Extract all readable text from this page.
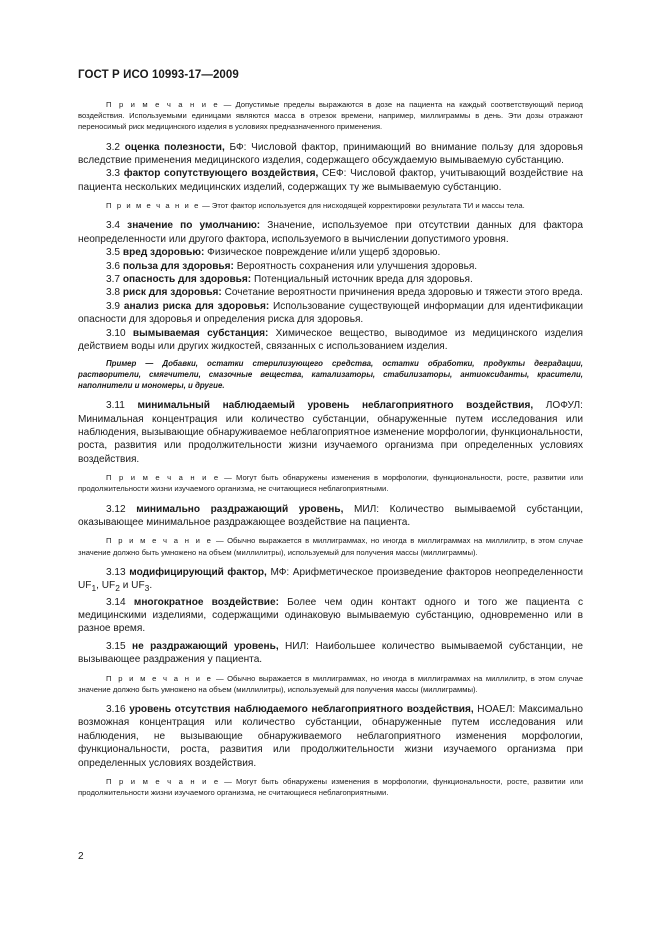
ГОСТ Р ИСО 10993-17—2009

П р и м е ч а н и е — Допустимые пределы выражаются в дозе на пациента на каждый соответствующий период воздействия. Используемыми единицами являются масса в отрезок времени, например, миллиграммы в день. Эти дозы отражают переносимый риск медицинского изделия в условиях предназначенного применения.

3.2 оценка полезности, БФ: Числовой фактор, принимающий во внимание пользу для здоровья вследствие применения медицинского изделия, содержащего обсуждаемую вымываемую субстанцию.

3.3 фактор сопутствующего воздействия, СЕФ: Числовой фактор, учитывающий воздействие на пациента нескольких медицинских изделий, содержащих ту же вымываемую субстанцию.

П р и м е ч а н и е — Этот фактор используется для нисходящей корректировки результата ТИ и массы тела.

3.4 значение по умолчанию: Значение, используемое при отсутствии данных для фактора неопределенности или другого фактора, используемого в вычислении допустимого уровня.

3.5 вред здоровью: Физическое повреждение и/или ущерб здоровью.

3.6 польза для здоровья: Вероятность сохранения или улучшения здоровья.

3.7 опасность для здоровья: Потенциальный источник вреда для здоровья.

3.8 риск для здоровья: Сочетание вероятности причинения вреда здоровью и тяжести этого вреда.

3.9 анализ риска для здоровья: Использование существующей информации для идентификации опасности для здоровья и определения риска для здоровья.

3.10 вымываемая субстанция: Химическое вещество, выводимое из медицинского изделия действием воды или других жидкостей, связанных с использованием изделия.

Пример — Добавки, остатки стерилизующего средства, остатки обработки, продукты деградации, растворители, смягчители, смазочные вещества, катализаторы, стабилизаторы, антиоксиданты, красители, наполнители и мономеры, и другие.

3.11 минимальный наблюдаемый уровень неблагоприятного воздействия, ЛОФУЛ: Минимальная концентрация или количество субстанции, обнаруженные путем исследования или наблюдения, вызывающие обнаруживаемое неблагоприятное изменение морфологии, функциональности, роста, развития или продолжительности жизни изучаемого организма при определенных условиях воздействия.

П р и м е ч а н и е — Могут быть обнаружены изменения в морфологии, функциональности, росте, развитии или продолжительности жизни изучаемого организма, не считающиеся неблагоприятными.

3.12 минимально раздражающий уровень, МИЛ: Количество вымываемой субстанции, оказывающее минимальное раздражающее воздействие на пациента.

П р и м е ч а н и е — Обычно выражается в миллиграммах, но иногда в миллиграммах на миллилитр, в этом случае значение должно быть умножено на объем (миллилитры), используемый для получения массы (миллиграммы).

3.13 модифицирующий фактор, МФ: Арифметическое произведение факторов неопределенности $UF_1$, $UF_2$ и $UF_3$.

3.14 многократное воздействие: Более чем один контакт одного и того же пациента с медицинскими изделиями, содержащими одинаковую вымываемую субстанцию, одновременно или в разное время.

3.15 не раздражающий уровень, НИЛ: Наибольшее количество вымываемой субстанции, не вызывающее раздражения у пациента.

П р и м е ч а н и е — Обычно выражается в миллиграммах, но иногда в миллиграммах на миллилитр, в этом случае значение должно быть умножено на объем (миллилитры), используемый для получения массы (миллиграммы).

3.16 уровень отсутствия наблюдаемого неблагоприятного воздействия, НОАЕЛ: Максимально возможная концентрация или количество субстанции, обнаруженные путем исследования или наблюдения, не вызывающие обнаруживаемого неблагоприятного изменения морфологии, функциональности, роста, развития или продолжительности жизни изучаемого организма при определенных условиях воздействия.

П р и м е ч а н и е — Могут быть обнаружены изменения в морфологии, функциональности, росте, развитии или продолжительности жизни изучаемого организма, не считающиеся неблагоприятными.

2
